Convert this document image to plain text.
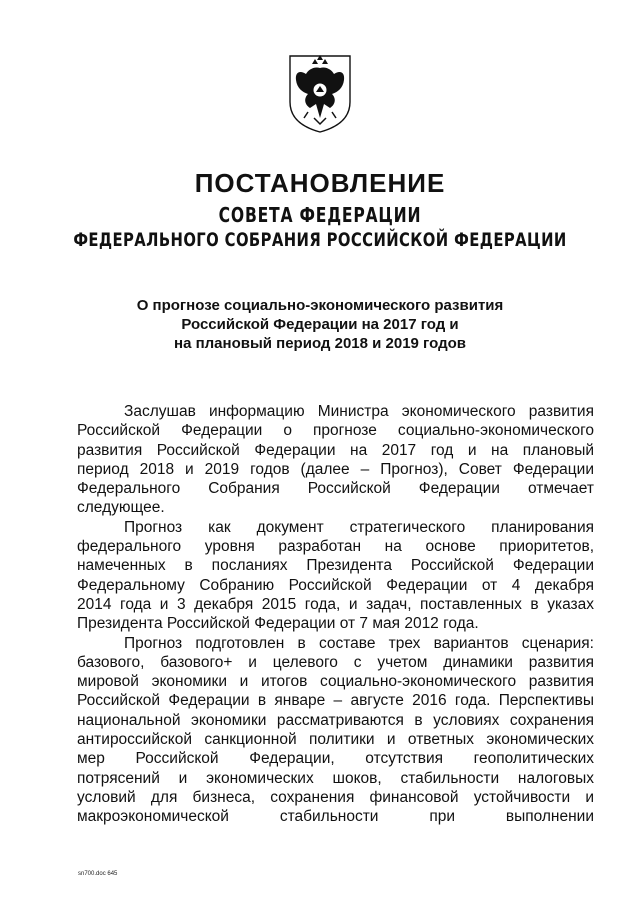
ПОСТАНОВЛЕНИЕ
СОВЕТА ФЕДЕРАЦИИ
ФЕДЕРАЛЬНОГО СОБРАНИЯ РОССИЙСКОЙ ФЕДЕРАЦИИ
О прогнозе социально-экономического развития
Российской Федерации на 2017 год и
на плановый период 2018 и 2019 годов
Заслушав информацию Министра экономического развития
Российской Федерации о прогнозе социально-экономического
развития Российской Федерации на 2017 год и на плановый
период 2018 и 2019 годов (далее – Прогноз), Совет Федерации
Федерального Собрания Российской Федерации отмечает
следующее.
Прогноз как документ стратегического планирования
федерального уровня разработан на основе приоритетов,
намеченных в посланиях Президента Российской Федерации
Федеральному Собранию Российской Федерации от 4 декабря
2014 года и 3 декабря 2015 года, и задач, поставленных в указах
Президента Российской Федерации от 7 мая 2012 года.
Прогноз подготовлен в составе трех вариантов сценария:
базового, базового+ и целевого с учетом динамики развития
мировой экономики и итогов социально-экономического развития
Российской Федерации в январе – августе 2016 года. Перспективы
национальной экономики рассматриваются в условиях сохранения
антироссийской санкционной политики и ответных экономических
мер Российской Федерации, отсутствия геополитических
потрясений и экономических шоков, стабильности налоговых
условий для бизнеса, сохранения финансовой устойчивости и
макроэкономической стабильности при выполнении
sn700.doc 645
